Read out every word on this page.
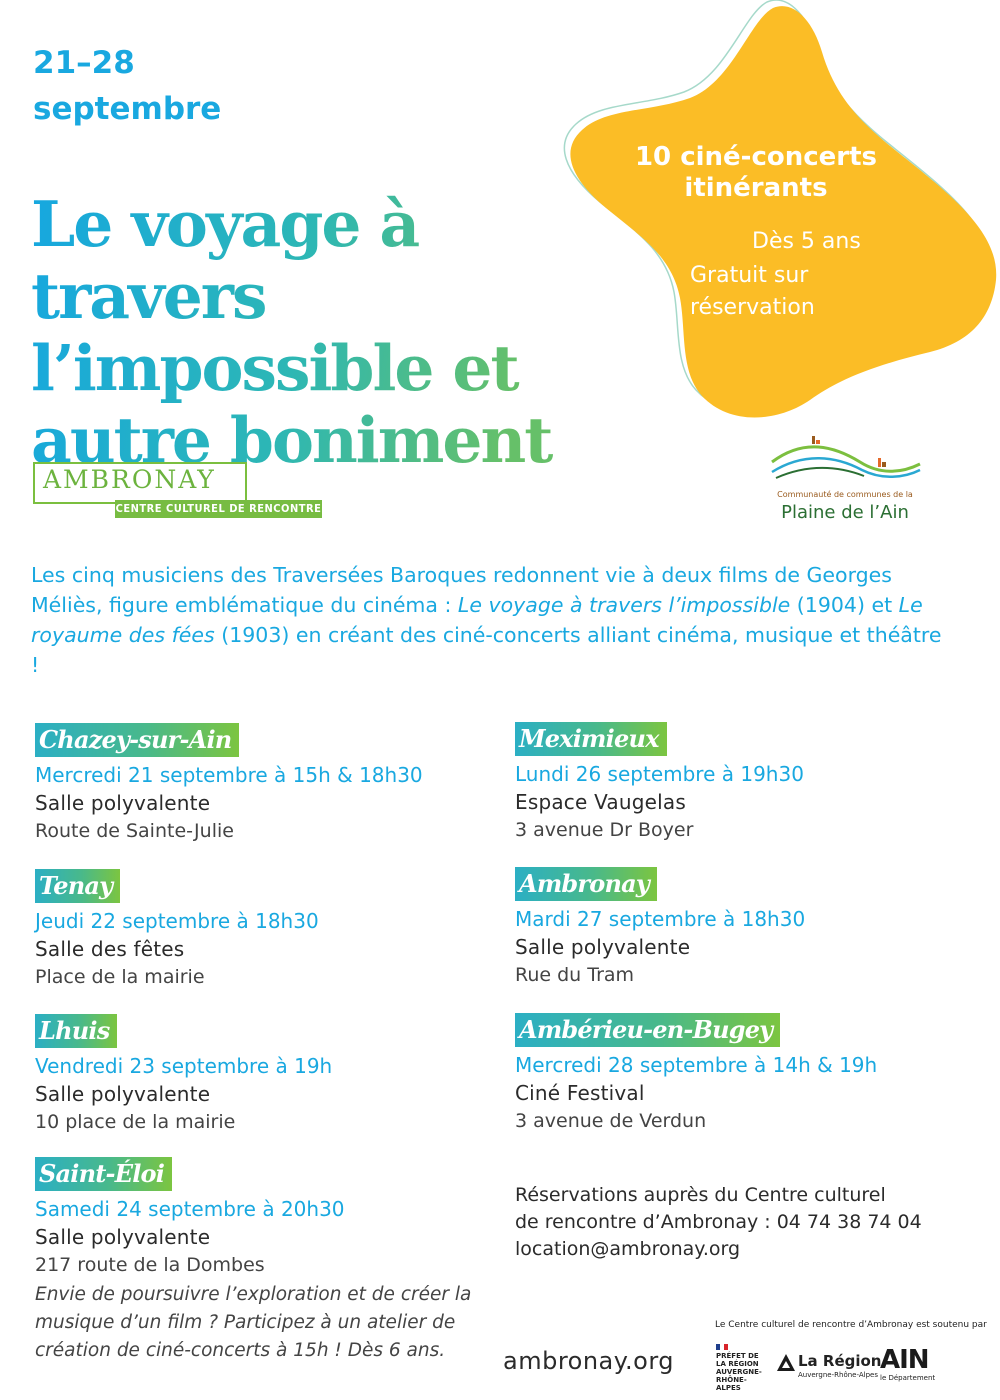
21–28
septembre
Le voyage à travers
l’impossible et
autre boniment
10 ciné-concerts
itinérants
Dès 5 ans
Gratuit sur
réservation
AMBRONAY
CENTRE CULTUREL DE RENCONTRE
Communauté de communes de la
Plaine de l’Ain
Les cinq musiciens des Traversées Baroques redonnent vie à deux films de Georges Méliès, figure emblématique du cinéma : Le voyage à travers l’impossible (1904) et Le royaume des fées (1903) en créant des ciné-concerts alliant cinéma, musique et théâtre !
Chazey-sur-Ain
Mercredi 21 septembre à 15h & 18h30
Salle polyvalente
Route de Sainte-Julie
Tenay
Jeudi 22 septembre à 18h30
Salle des fêtes
Place de la mairie
Lhuis
Vendredi 23 septembre à 19h
Salle polyvalente
10 place de la mairie
Saint-Éloi
Samedi 24 septembre à 20h30
Salle polyvalente
217 route de la Dombes
Envie de poursuivre l’exploration et de créer la musique d’un film ? Participez à un atelier de création de ciné-concerts à 15h ! Dès 6 ans.
Meximieux
Lundi 26 septembre à 19h30
Espace Vaugelas
3 avenue Dr Boyer
Ambronay
Mardi 27 septembre à 18h30
Salle polyvalente
Rue du Tram
Ambérieu-en-Bugey
Mercredi 28 septembre à 14h & 19h
Ciné Festival
3 avenue de Verdun
Réservations auprès du Centre culturel
de rencontre d’Ambronay : 04 74 38 74 04
location@ambronay.org
ambronay.org
Le Centre culturel de rencontre d’Ambronay est soutenu par
PRÉFET DE LA RÉGION AUVERGNE-RHÔNE-ALPES
La Région
Auvergne-Rhône-Alpes AIN
le Département
